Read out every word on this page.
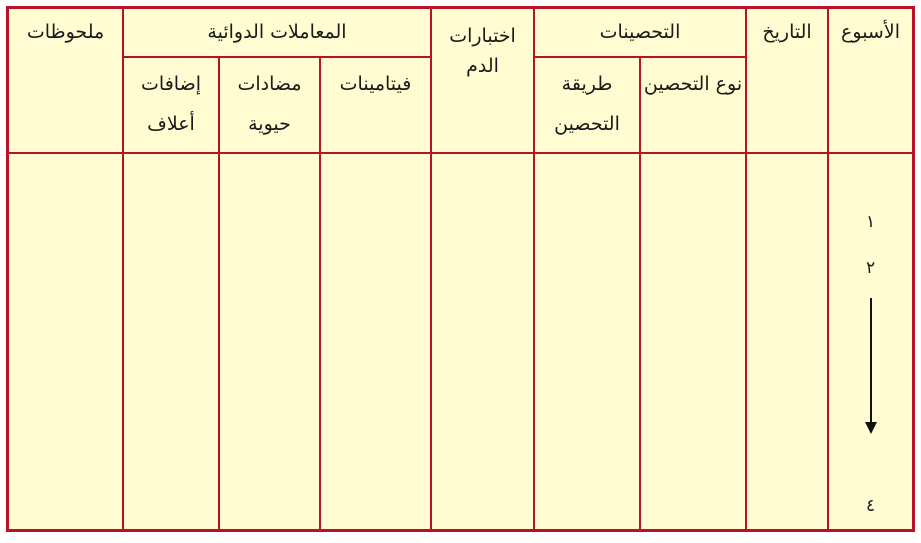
الأسبوع	التاريخ	التحصينات		اختبارات الدم	المعاملات الدوائية			ملحوظات
		نوع التحصين	طريقة التحصين		فيتامينات	مضادات حيوية	إضافات أعلاف	

١
٢
٤								
